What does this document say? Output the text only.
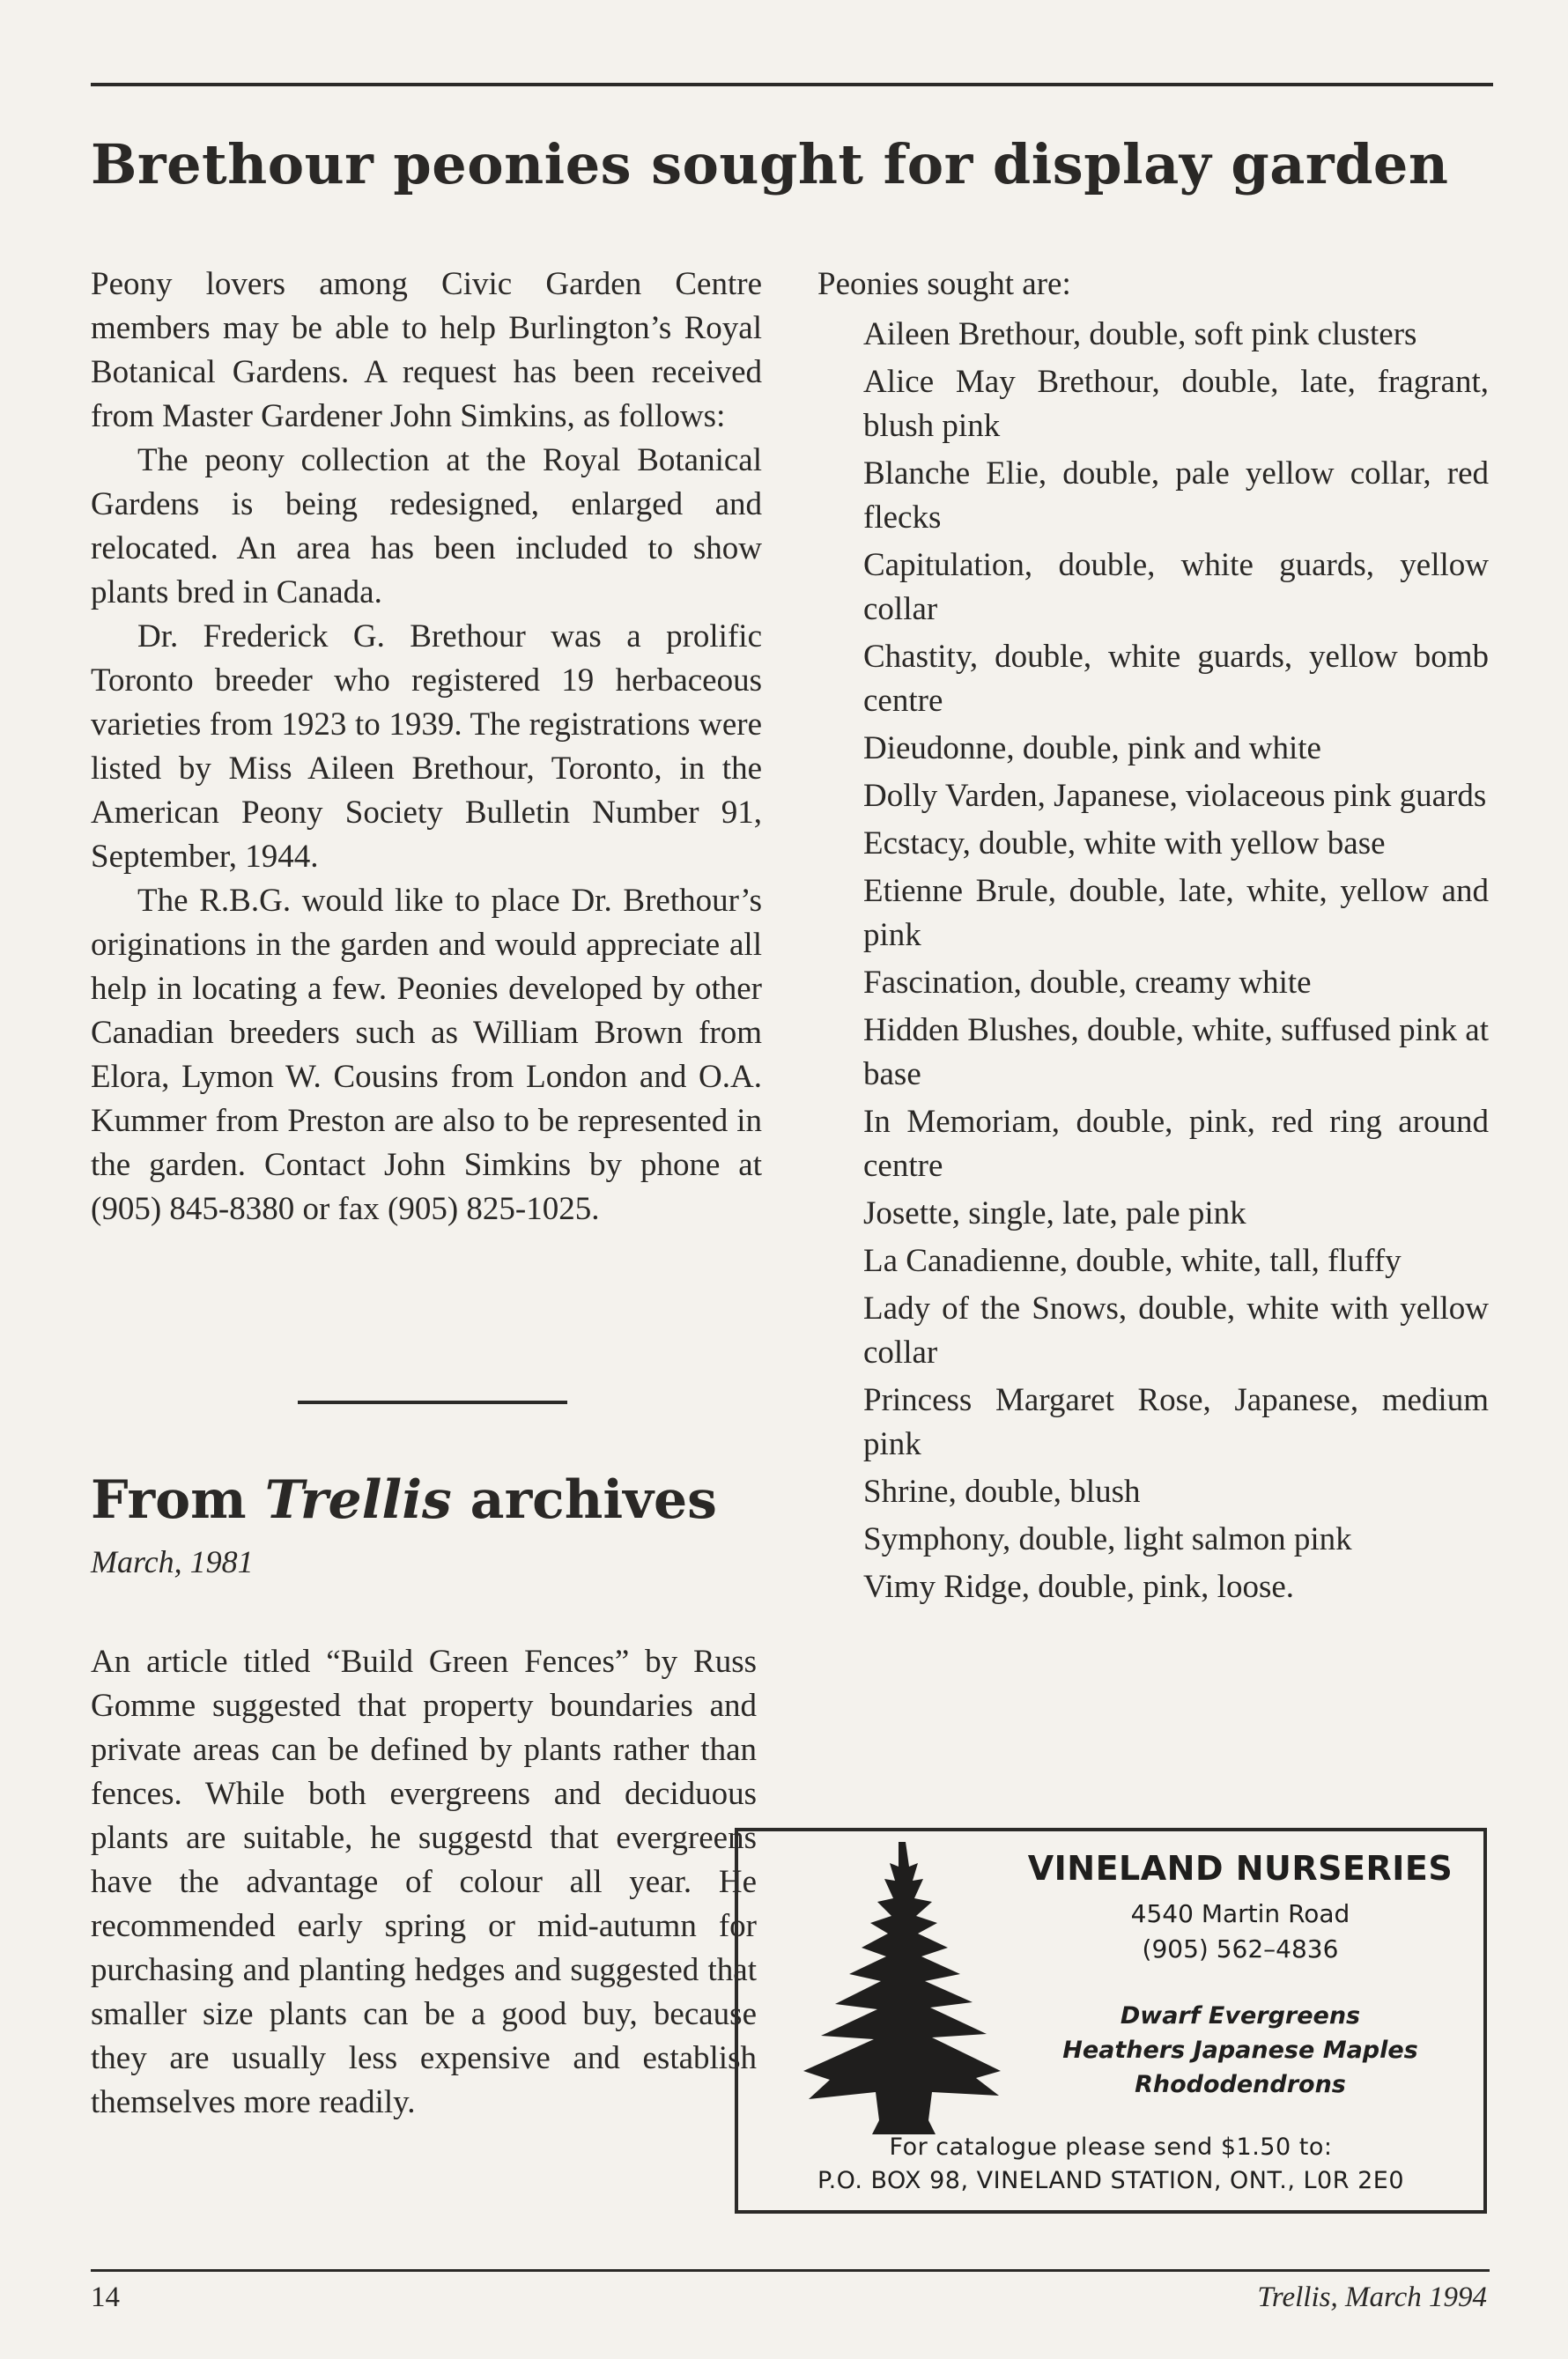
Brethour peonies sought for display garden

Peony lovers among Civic Garden Centre members may be able to help Burlington’s Royal Botanical Gardens. A request has been received from Master Gardener John Simkins, as follows:

The peony collection at the Royal Botanical Gardens is being redesigned, enlarged and relocated. An area has been included to show plants bred in Canada.

Dr. Frederick G. Brethour was a prolific Toronto breeder who registered 19 herbaceous varieties from 1923 to 1939. The registrations were listed by Miss Aileen Brethour, Toronto, in the American Peony Society Bulletin Number 91, September, 1944.

The R.B.G. would like to place Dr. Brethour’s originations in the garden and would appreciate all help in locating a few. Peonies developed by other Canadian breeders such as William Brown from Elora, Lymon W. Cousins from London and O.A. Kummer from Preston are also to be represented in the garden. Contact John Simkins by phone at (905) 845-8380 or fax (905) 825-1025.

From Trellis archives
March, 1981

An article titled “Build Green Fences” by Russ Gomme suggested that property boundaries and private areas can be defined by plants rather than fences. While both evergreens and deciduous plants are suitable, he suggestd that evergreens have the advantage of colour all year. He recommended early spring or mid-autumn for purchasing and planting hedges and suggested that smaller size plants can be a good buy, because they are usually less expensive and establish themselves more readily.

Peonies sought are:

Aileen Brethour, double, soft pink clusters
Alice May Brethour, double, late, fragrant, blush pink
Blanche Elie, double, pale yellow collar, red flecks
Capitulation, double, white guards, yellow collar
Chastity, double, white guards, yellow bomb centre
Dieudonne, double, pink and white
Dolly Varden, Japanese, violaceous pink guards
Ecstacy, double, white with yellow base
Etienne Brule, double, late, white, yellow and pink
Fascination, double, creamy white
Hidden Blushes, double, white, suffused pink at base
In Memoriam, double, pink, red ring around centre
Josette, single, late, pale pink
La Canadienne, double, white, tall, fluffy
Lady of the Snows, double, white with yellow collar
Princess Margaret Rose, Japanese, medium pink
Shrine, double, blush
Symphony, double, light salmon pink
Vimy Ridge, double, pink, loose.
VINELAND NURSERIES
4540 Martin Road
(905) 562–4836
Dwarf Evergreens
Heathers Japanese Maples
Rhododendrons
For catalogue please send $1.50 to:
P.O. BOX 98, VINELAND STATION, ONT., L0R 2E0
14	Trellis, March 1994
